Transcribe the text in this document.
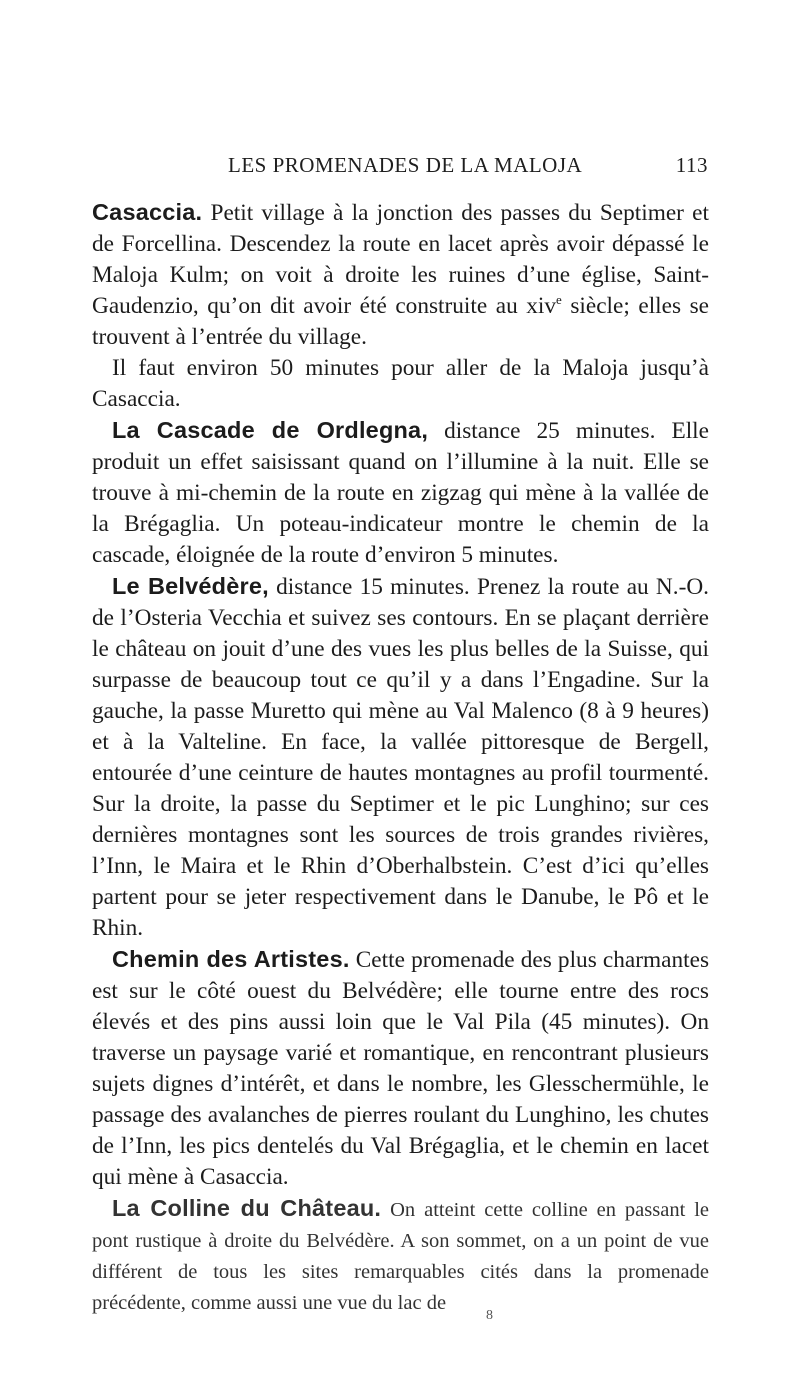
LES PROMENADES DE LA MALOJA	113

Casaccia. Petit village à la jonction des passes du Septimer et de Forcellina. Descendez la route en lacet après avoir dépassé le Maloja Kulm; on voit à droite les ruines d’une église, Saint-Gaudenzio, qu’on dit avoir été construite au xiv$^e$ siècle; elles se trouvent à l’entrée du village.

Il faut environ 50 minutes pour aller de la Maloja jusqu’à Casaccia.

La Cascade de Ordlegna, distance 25 minutes. Elle produit un effet saisissant quand on l’illumine à la nuit. Elle se trouve à mi-chemin de la route en zigzag qui mène à la vallée de la Brégaglia. Un poteau-indicateur montre le chemin de la cascade, éloignée de la route d’environ 5 minutes.

Le Belvédère, distance 15 minutes. Prenez la route au N.-O. de l’Osteria Vecchia et suivez ses contours. En se plaçant derrière le château on jouit d’une des vues les plus belles de la Suisse, qui surpasse de beaucoup tout ce qu’il y a dans l’Engadine. Sur la gauche, la passe Muretto qui mène au Val Malenco (8 à 9 heures) et à la Valteline. En face, la vallée pittoresque de Bergell, entourée d’une ceinture de hautes montagnes au profil tourmenté. Sur la droite, la passe du Septimer et le pic Lunghino; sur ces dernières montagnes sont les sources de trois grandes rivières, l’Inn, le Maira et le Rhin d’Oberhalbstein. C’est d’ici qu’elles partent pour se jeter respectivement dans le Danube, le Pô et le Rhin.

Chemin des Artistes. Cette promenade des plus charmantes est sur le côté ouest du Belvédère; elle tourne entre des rocs élevés et des pins aussi loin que le Val Pila (45 minutes). On traverse un paysage varié et romantique, en rencontrant plusieurs sujets dignes d’intérêt, et dans le nombre, les Glesschermühle, le passage des avalanches de pierres roulant du Lunghino, les chutes de l’Inn, les pics dentelés du Val Brégaglia, et le chemin en lacet qui mène à Casaccia.

La Colline du Château. On atteint cette colline en passant le pont rustique à droite du Belvédère. A son sommet, on a un point de vue différent de tous les sites remarquables cités dans la promenade précédente, comme aussi une vue du lac de

8
